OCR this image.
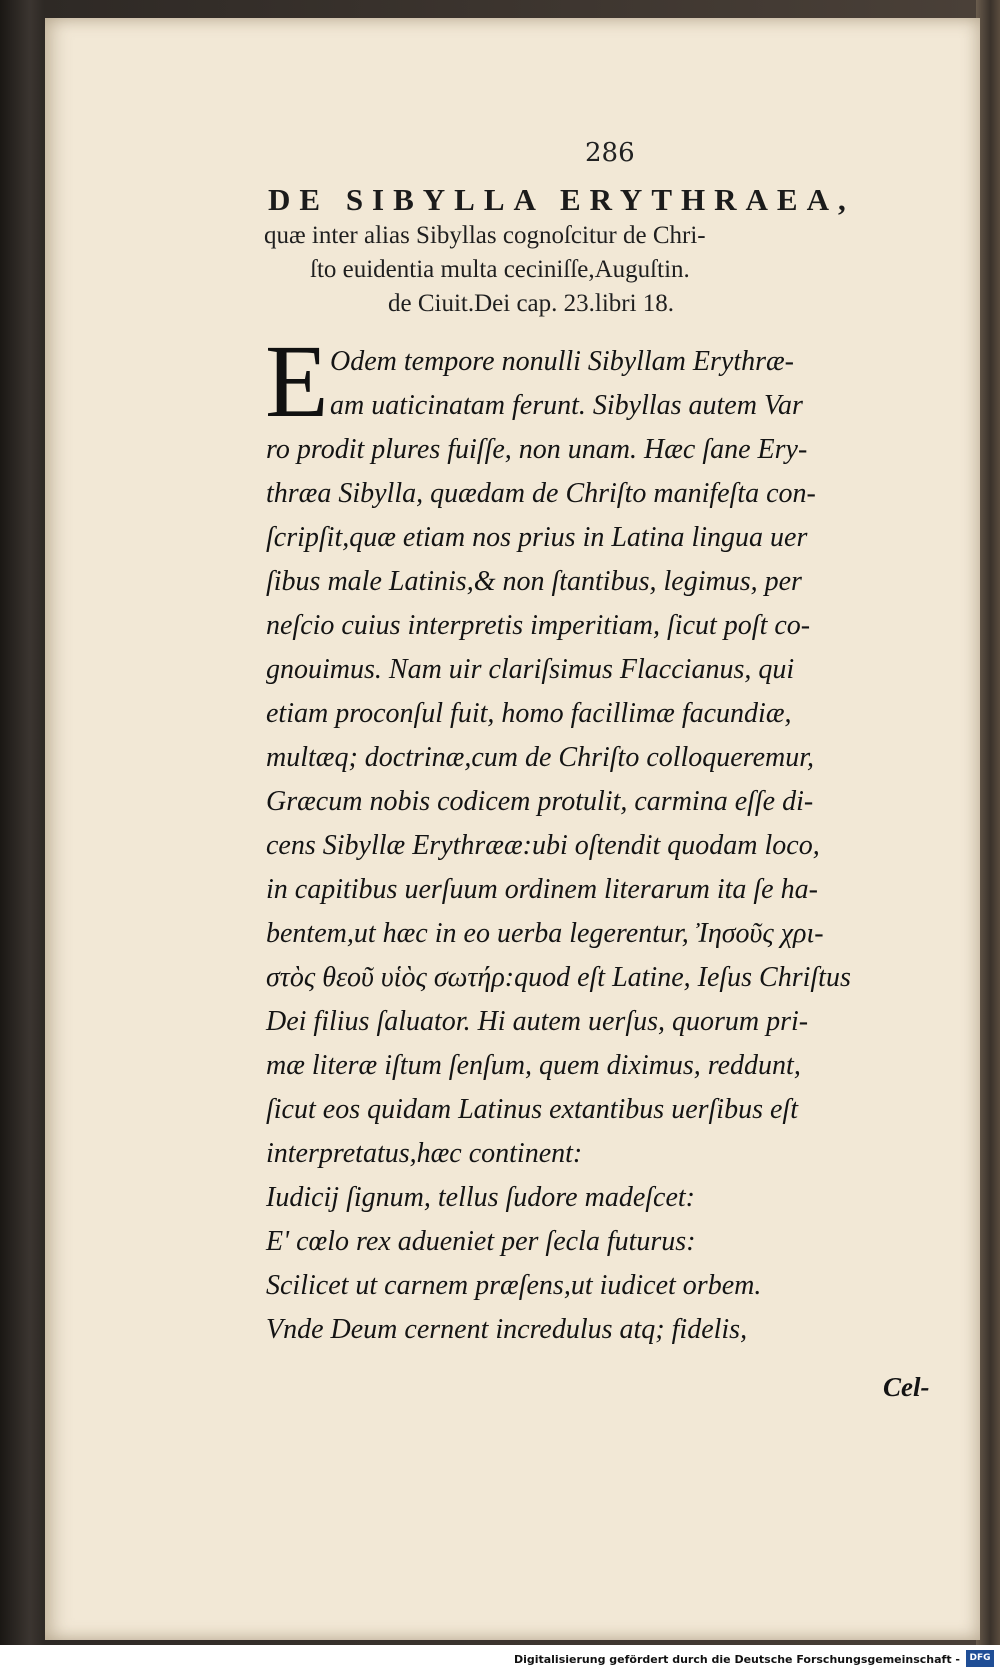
286
DE SIBYLLA ERYTHRAEA,
quæ inter alias Sibyllas cognoſcitur de Chri-
ſto euidentia multa ceciniſſe,Auguſtin.
de Ciuit.Dei cap. 23.libri 18.
E Odem tempore nonulli Sibyllam Erythræ-
am uaticinatam ferunt. Sibyllas autem Var
ro prodit plures fuiſſe, non unam. Hæc ſane Ery-
thræa Sibylla, quædam de Chriſto manifeſta con-
ſcripſit,quæ etiam nos prius in Latina lingua uer
ſibus male Latinis,& non ſtantibus, legimus, per
neſcio cuius interpretis imperitiam, ſicut poſt co-
gnouimus. Nam uir clariſsimus Flaccianus, qui
etiam proconſul fuit, homo facillimæ facundiæ,
multæq; doctrinæ,cum de Chriſto colloqueremur,
Græcum nobis codicem protulit, carmina eſſe di-
cens Sibyllæ Erythrææ:ubi oſtendit quodam loco,
in capitibus uerſuum ordinem literarum ita ſe ha-
bentem,ut hæc in eo uerba legerentur, Ἰησοῦς χρι-
στὸς θεοῦ υἱὸς σωτήρ:quod eſt Latine, Ieſus Chriſtus
Dei filius ſaluator. Hi autem uerſus, quorum pri-
mæ literæ iſtum ſenſum, quem diximus, reddunt,
ſicut eos quidam Latinus extantibus uerſibus eſt
interpretatus,hæc continent:
Iudicij ſignum, tellus ſudore madeſcet:
E' cœlo rex adueniet per ſecla futurus:
Scilicet ut carnem præſens,ut iudicet orbem.
Vnde Deum cernent incredulus atq; fidelis,
Cel-
Digitalisierung gefördert durch die Deutsche Forschungsgemeinschaft -	DFG
